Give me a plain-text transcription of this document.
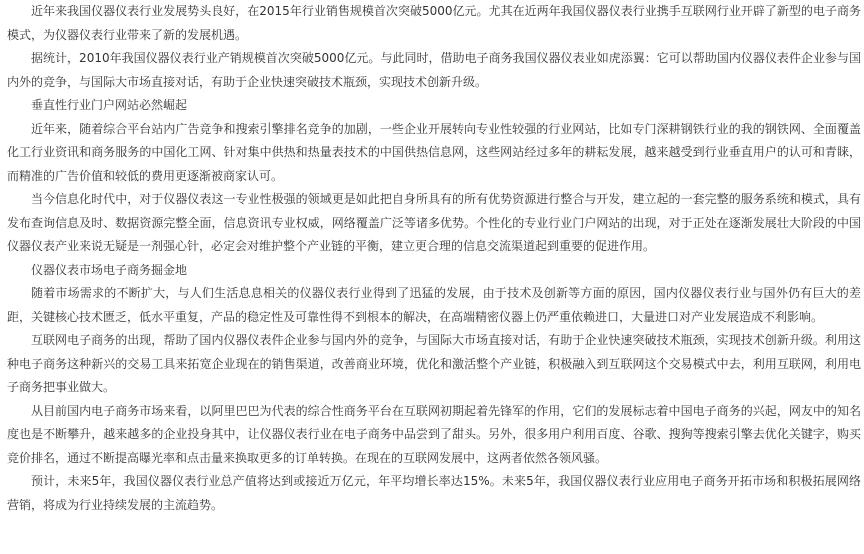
近年来我国仪器仪表行业发展势头良好，在2015年行业销售规模首次突破5000亿元。尤其在近两年我国仪器仪表行业携手互联网行业开辟了新型的电子商务模式，为仪器仪表行业带来了新的发展机遇。

据统计，2010年我国仪器仪表行业产销规模首次突破5000亿元。与此同时，借助电子商务我国仪器仪表业如虎添翼：它可以帮助国内仪器仪表件企业参与国内外的竞争，与国际大市场直接对话，有助于企业快速突破技术瓶颈，实现技术创新升级。

垂直性行业门户网站必然崛起

近年来，随着综合平台站内广告竞争和搜索引擎排名竞争的加剧，一些企业开展转向专业性较强的行业网站，比如专门深耕钢铁行业的我的钢铁网、全面覆盖化工行业资讯和商务服务的中国化工网、针对集中供热和热量表技术的中国供热信息网，这些网站经过多年的耕耘发展，越来越受到行业垂直用户的认可和青睐，而精准的广告价值和较低的费用更逐渐被商家认可。

当今信息化时代中，对于仪器仪表这一专业性极强的领域更是如此把自身所具有的所有优势资源进行整合与开发，建立起的一套完整的服务系统和模式，具有发布查询信息及时、数据资源完整全面，信息资讯专业权威，网络覆盖广泛等诸多优势。个性化的专业行业门户网站的出现，对于正处在逐渐发展壮大阶段的中国仪器仪表产业来说无疑是一剂强心针，必定会对维护整个产业链的平衡，建立更合理的信息交流渠道起到重要的促进作用。

仪器仪表市场电子商务掘金地

随着市场需求的不断扩大，与人们生活息息相关的仪器仪表行业得到了迅猛的发展，由于技术及创新等方面的原因，国内仪器仪表行业与国外仍有巨大的差距，关键核心技术匮乏，低水平重复，产品的稳定性及可靠性得不到根本的解决，在高端精密仪器上仍严重依赖进口，大量进口对产业发展造成不利影响。

互联网电子商务的出现，帮助了国内仪器仪表件企业参与国内外的竞争，与国际大市场直接对话，有助于企业快速突破技术瓶颈，实现技术创新升级。利用这种电子商务这种新兴的交易工具来拓宽企业现在的销售渠道，改善商业环境，优化和激活整个产业链，积极融入到互联网这个交易模式中去，利用互联网，利用电子商务把事业做大。

从目前国内电子商务市场来看，以阿里巴巴为代表的综合性商务平台在互联网初期起着先锋军的作用，它们的发展标志着中国电子商务的兴起，网友中的知名度也是不断攀升，越来越多的企业投身其中，让仪器仪表行业在电子商务中品尝到了甜头。另外，很多用户利用百度、谷歌、搜狗等搜索引擎去优化关键字，购买竞价排名，通过不断提高曝光率和点击量来换取更多的订单转换。在现在的互联网发展中，这两者依然各领风骚。

预计，未来5年，我国仪器仪表行业总产值将达到或接近万亿元，年平均增长率达15%。未来5年，我国仪器仪表行业应用电子商务开拓市场和积极拓展网络营销，将成为行业持续发展的主流趋势。
